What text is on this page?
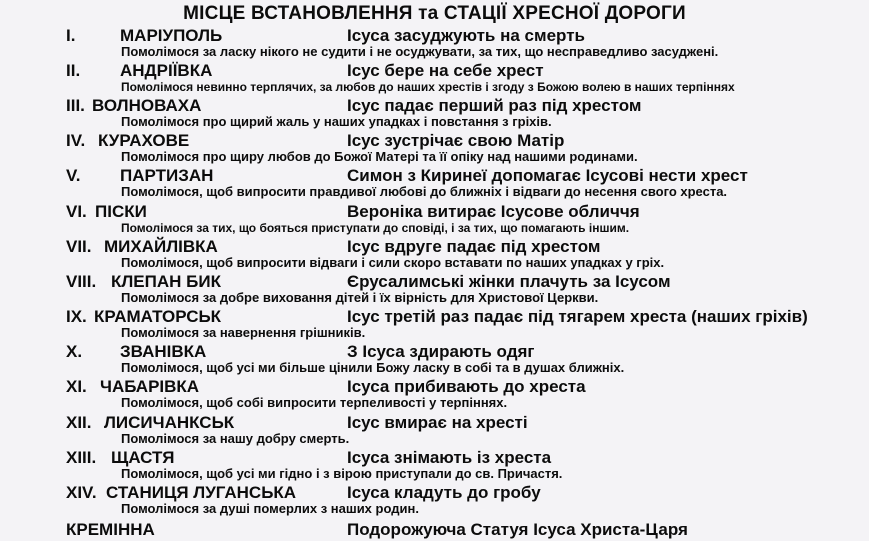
МІСЦЕ ВСТАНОВЛЕННЯ та СТАЦІЇ ХРЕСНОЇ ДОРОГИ
I.	МАРІУПОЛЬ	Ісуса засуджують на смерть
Помолімося за ласку нікого не судити і не осуджувати, за тих, що несправедливо засуджені.
II. АНДРІЇВКА	Ісус бере на себе хрест
Помолімося невинно терплячих, за любов до наших хрестів і згоду з Божою волею в наших терпіннях
III. ВОЛНОВАХА	Ісус падає перший раз під хрестом
Помолімося про щирий жаль у наших упадках і повстання з гріхів.
IV. КУРАХОВЕ	Ісус зустрічає свою Матір
Помолімося про щиру любов до Божої Матері та її опіку над нашими родинами.
V. ПАРТИЗАН	Симон з Киринеї допомагає Ісусові нести хрест
Помолімося, щоб випросити правдивої любові до ближніх і відваги до несення свого хреста.
VI. ПІСКИ	Вероніка витирає Ісусове обличчя
Помолімося за тих, що бояться приступати до сповіді, і за тих, що помагають іншим.
VII. МИХАЙЛІВКА	Ісус вдруге падає під хрестом
Помолімося, щоб випросити відваги і сили скоро вставати по наших упадках у гріх.
VIII. КЛЕПАН БИК	Єрусалимські жінки плачуть за Ісусом
Помолімося за добре виховання дітей і їх вірність для Христової Церкви.
IX. КРАМАТОРСЬК	Ісус третій раз падає під тягарем хреста (наших гріхів)
Помолімося за навернення грішників.
X. ЗВАНІВКА	З Ісуса здирають одяг
Помолімося, щоб усі ми більше цінили Божу ласку в собі та в душах ближніх.
XI. ЧАБАРІВКА	Ісуса прибивають до хреста
Помолімося, щоб собі випросити терпеливості у терпіннях.
XII. ЛИСИЧАНКСЬК	Ісус вмирає на хресті
Помолімося за нашу добру смерть.
XIII. ЩАСТЯ	Ісуса знімають із хреста
Помолімося, щоб усі ми гідно і з вірою приступали до св. Причастя.
XIV. СТАНИЦЯ ЛУГАНСЬКА	Ісуса кладуть до гробу
Помолімося за душі померлих з наших родин.
КРЕМІННА	Подорожуюча Статуя Ісуса Христа-Царя
